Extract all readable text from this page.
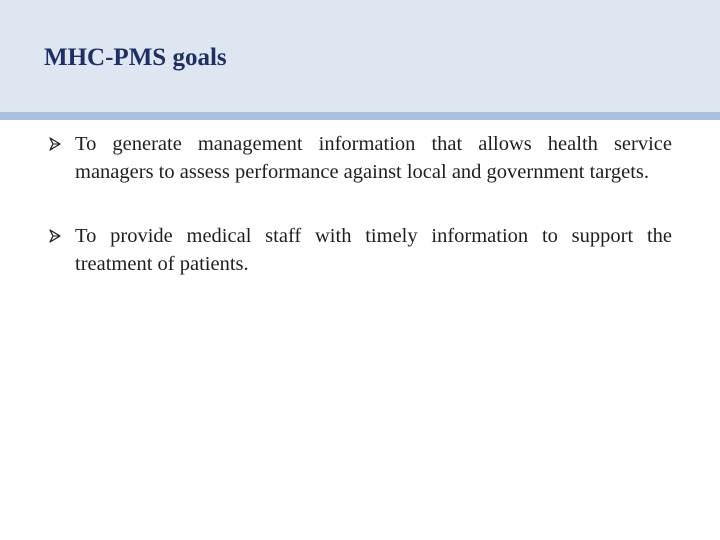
MHC-PMS goals
To generate management information that allows health service managers to assess performance against local and government targets.
To provide medical staff with timely information to support the treatment of patients.
